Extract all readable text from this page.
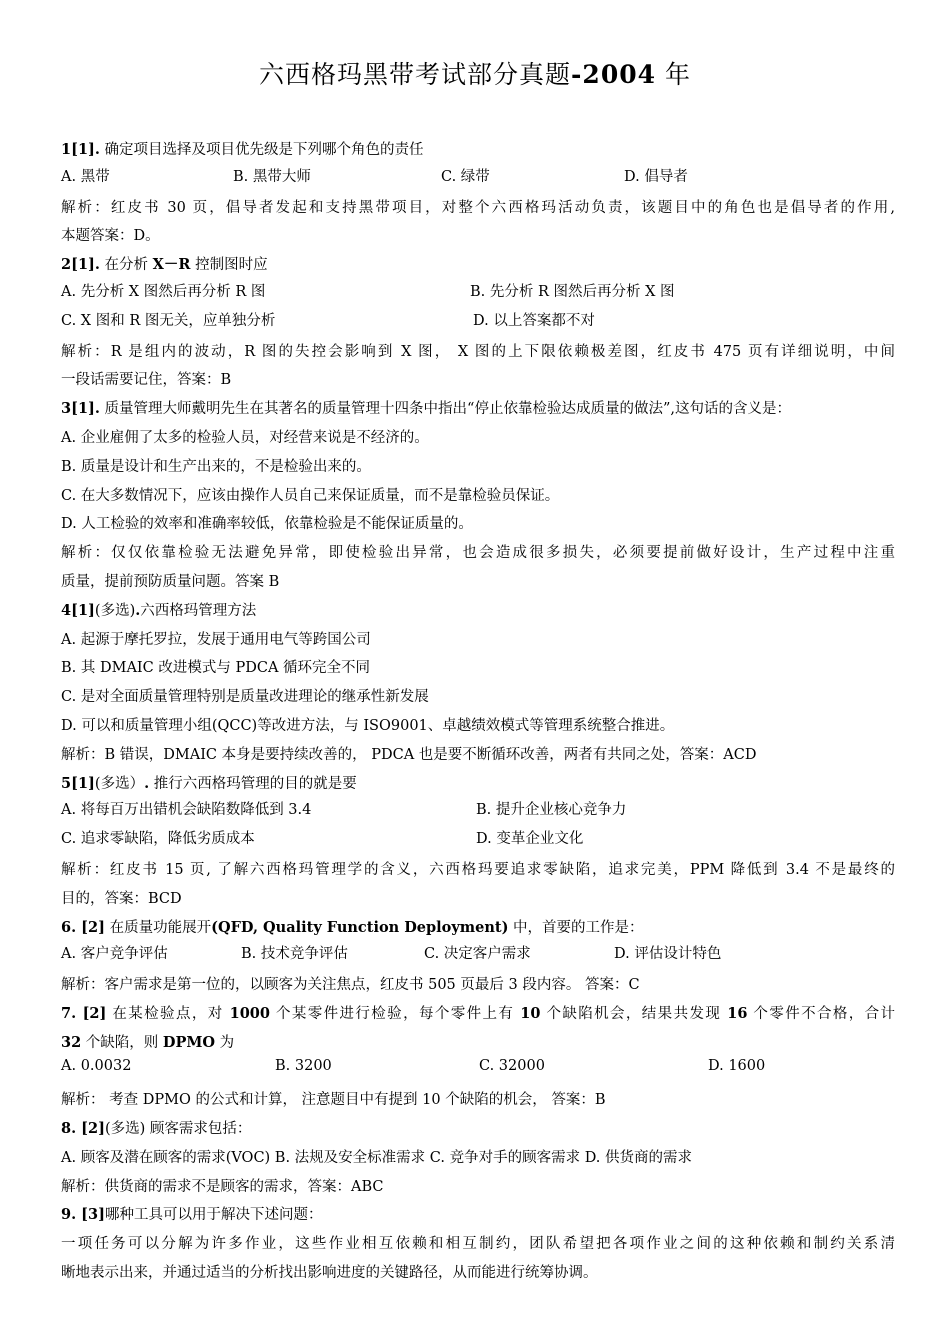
六西格玛黑带考试部分真题-2004 年
1[1]. 确定项目选择及项目优先级是下列哪个角色的责任
A. 黑带	B. 黑带大师	C. 绿带	D. 倡导者
解析：红皮书 30 页，倡导者发起和支持黑带项目，对整个六西格玛活动负责，该题目中的角色也是倡导者的作用,
本题答案：D。
2[1]. 在分析 X－R 控制图时应
A. 先分析 X 图然后再分析 R 图	B. 先分析 R 图然后再分析 X 图
C. X 图和 R 图无关，应单独分析	D. 以上答案都不对
解析：R 是组内的波动，R 图的失控会影响到 X 图， X 图的上下限依赖极差图，红皮书 475 页有详细说明，中间
一段话需要记住，答案：B
3[1]. 质量管理大师戴明先生在其著名的质量管理十四条中指出“停止依靠检验达成质量的做法”,这句话的含义是：
A. 企业雇佣了太多的检验人员，对经营来说是不经济的。
B. 质量是设计和生产出来的，不是检验出来的。
C. 在大多数情况下，应该由操作人员自己来保证质量，而不是靠检验员保证。
D. 人工检验的效率和准确率较低，依靠检验是不能保证质量的。
解析：仅仅依靠检验无法避免异常，即使检验出异常，也会造成很多损失，必须要提前做好设计，生产过程中注重
质量，提前预防质量问题。答案 B
4[1](多选).六西格玛管理方法
A. 起源于摩托罗拉，发展于通用电气等跨国公司
B. 其 DMAIC 改进模式与 PDCA 循环完全不同
C. 是对全面质量管理特别是质量改进理论的继承性新发展
D. 可以和质量管理小组(QCC)等改进方法，与 ISO9001、卓越绩效模式等管理系统整合推进。
解析：B 错误，DMAIC 本身是要持续改善的， PDCA 也是要不断循环改善，两者有共同之处，答案：ACD
5[1](多选）. 推行六西格玛管理的目的就是要
A. 将每百万出错机会缺陷数降低到 3.4	B. 提升企业核心竞争力
C. 追求零缺陷，降低劣质成本	D. 变革企业文化
解析：红皮书 15 页, 了解六西格玛管理学的含义，六西格玛要追求零缺陷，追求完美，PPM 降低到 3.4 不是最终的
目的，答案：BCD
6. [2] 在质量功能展开(QFD, Quality Function Deployment) 中，首要的工作是：
A. 客户竞争评估	B. 技术竞争评估	C. 决定客户需求	D. 评估设计特色
解析：客户需求是第一位的，以顾客为关注焦点，红皮书 505 页最后 3 段内容。 答案：C
7. [2] 在某检验点，对 1000 个某零件进行检验，每个零件上有 10 个缺陷机会，结果共发现 16 个零件不合格，合计
32 个缺陷，则 DPMO 为
A. 0.0032	B. 3200	C. 32000	D. 1600
解析： 考查 DPMO 的公式和计算， 注意题目中有提到 10 个缺陷的机会， 答案：B
8. [2](多选) 顾客需求包括：
A. 顾客及潜在顾客的需求(VOC) B. 法规及安全标准需求 C. 竞争对手的顾客需求 D. 供货商的需求
解析：供货商的需求不是顾客的需求，答案：ABC
9. [3]哪种工具可以用于解决下述问题：
一项任务可以分解为许多作业，这些作业相互依赖和相互制约，团队希望把各项作业之间的这种依赖和制约关系清
晰地表示出来，并通过适当的分析找出影响进度的关键路径，从而能进行统筹协调。
